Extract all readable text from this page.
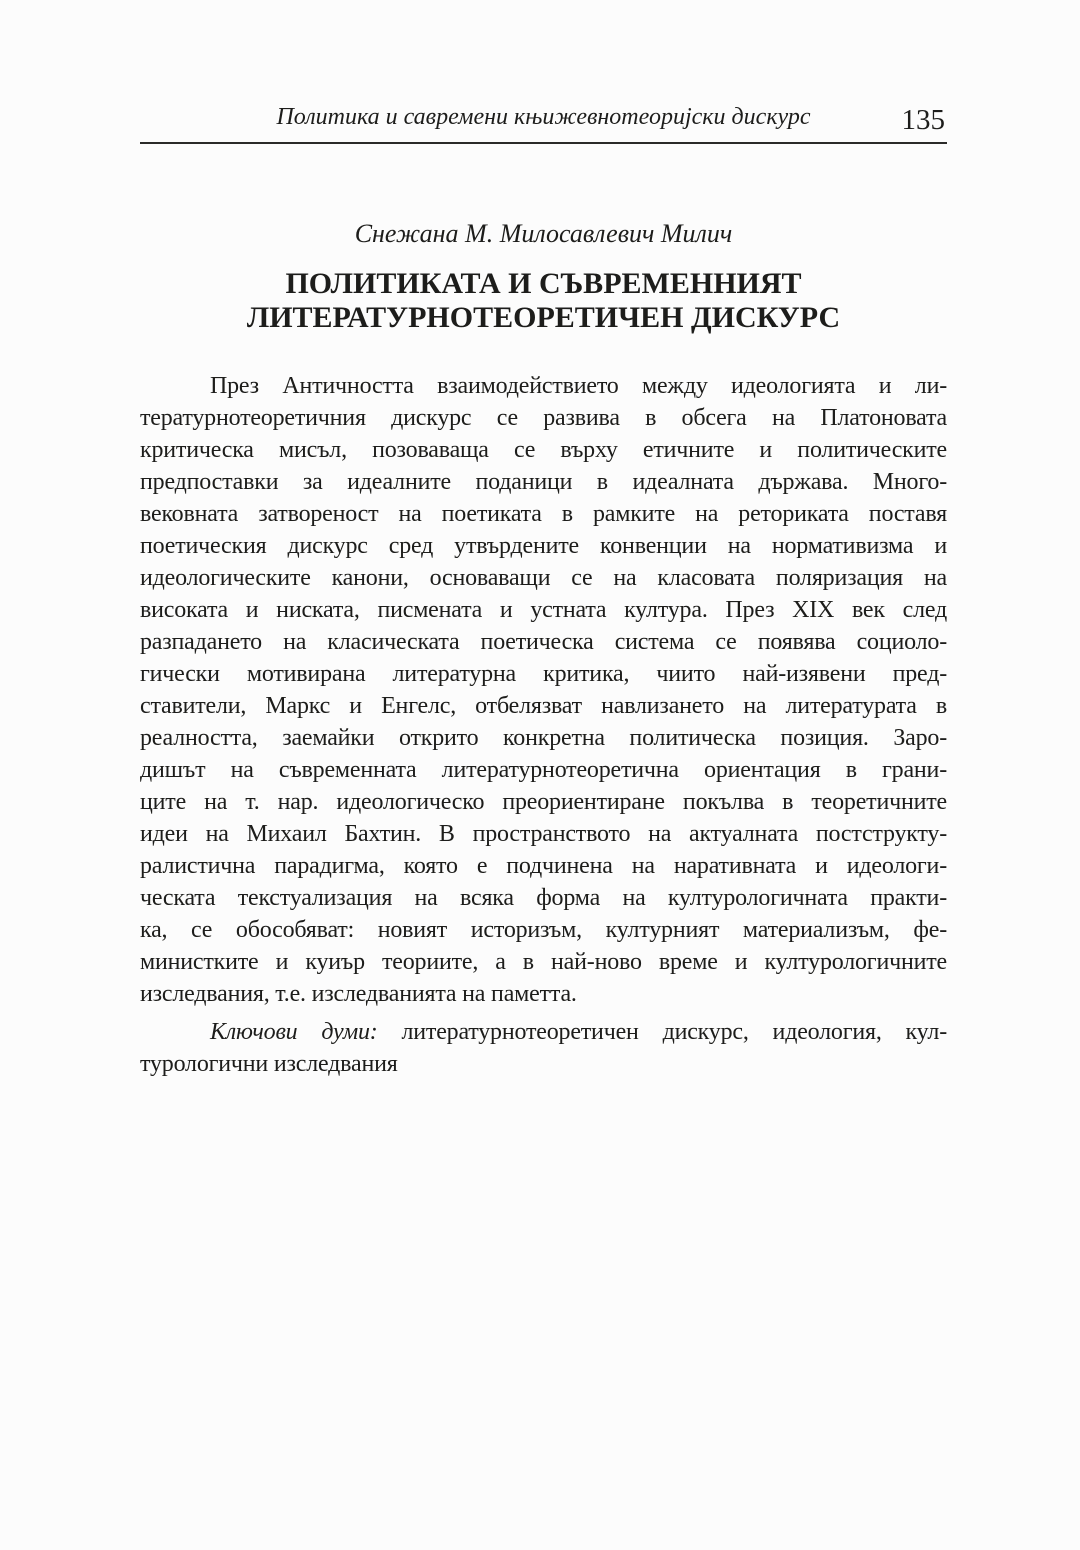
Политика и савремени књижевнотеоријски дискурс	135
Снежана М. Милосавлевич Милич
ПОЛИТИКАТА И СЪВРЕМЕННИЯТ
ЛИТЕРАТУРНОТЕОРЕТИЧЕН ДИСКУРС
През Античността взаимодействието между идеологията и ли-
тературнотеоретичния дискурс се развива в обсега на Платоновата
критическа мисъл, позоваваща се върху етичните и политическите
предпоставки за идеалните поданици в идеалната държава. Много-
вековната затвореност на поетиката в рамките на реториката поставя
поетическия дискурс сред утвърдените конвенции на нормативизма и
идеологическите канони, основаващи се на класовата поляризация на
високата и ниската, писмената и устната култура. През XIX век след
разпадането на класическата поетическа система се появява социоло-
гически мотивирана литературна критика, чиито най-изявени пред-
ставители, Маркс и Енгелс, отбелязват навлизането на литературата в
реалността, заемайки открито конкретна политическа позиция. Заро-
дишът на съвременната литературнотеоретична ориентация в грани-
ците на т. нар. идеологическо преориентиране покълва в теоретичните
идеи на Михаил Бахтин. В пространството на актуалната постструкту-
ралистична парадигма, която е подчинена на наративната и идеологи-
ческата текстуализация на всяка форма на културологичната практи-
ка, се обособяват: новият историзъм, културният материализъм, фе-
министките и куиър теориите, а в най-ново време и културологичните
изследвания, т.е. изследванията на паметта.
Ключови думи: литературнотеоретичен дискурс, идеология, кул-
турологични изследвания
